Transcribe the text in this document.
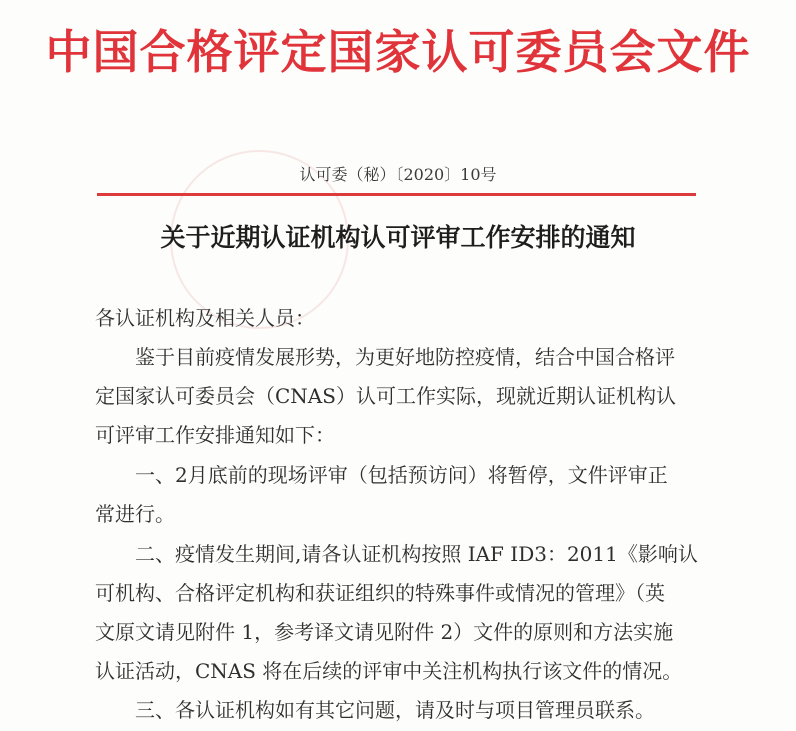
中国合格评定国家认可委员会文件
认可委（秘）〔2020〕10号
关于近期认证机构认可评审工作安排的通知
各认证机构及相关人员：
鉴于目前疫情发展形势，为更好地防控疫情，结合中国合格评
定国家认可委员会（CNAS）认可工作实际，现就近期认证机构认
可评审工作安排通知如下：
一、2月底前的现场评审（包括预访问）将暂停，文件评审正
常进行。
二、疫情发生期间,请各认证机构按照 IAF ID3：2011《影响认
可机构、合格评定机构和获证组织的特殊事件或情况的管理》（英
文原文请见附件 1，参考译文请见附件 2）文件的原则和方法实施
认证活动，CNAS 将在后续的评审中关注机构执行该文件的情况。
三、各认证机构如有其它问题，请及时与项目管理员联系。
